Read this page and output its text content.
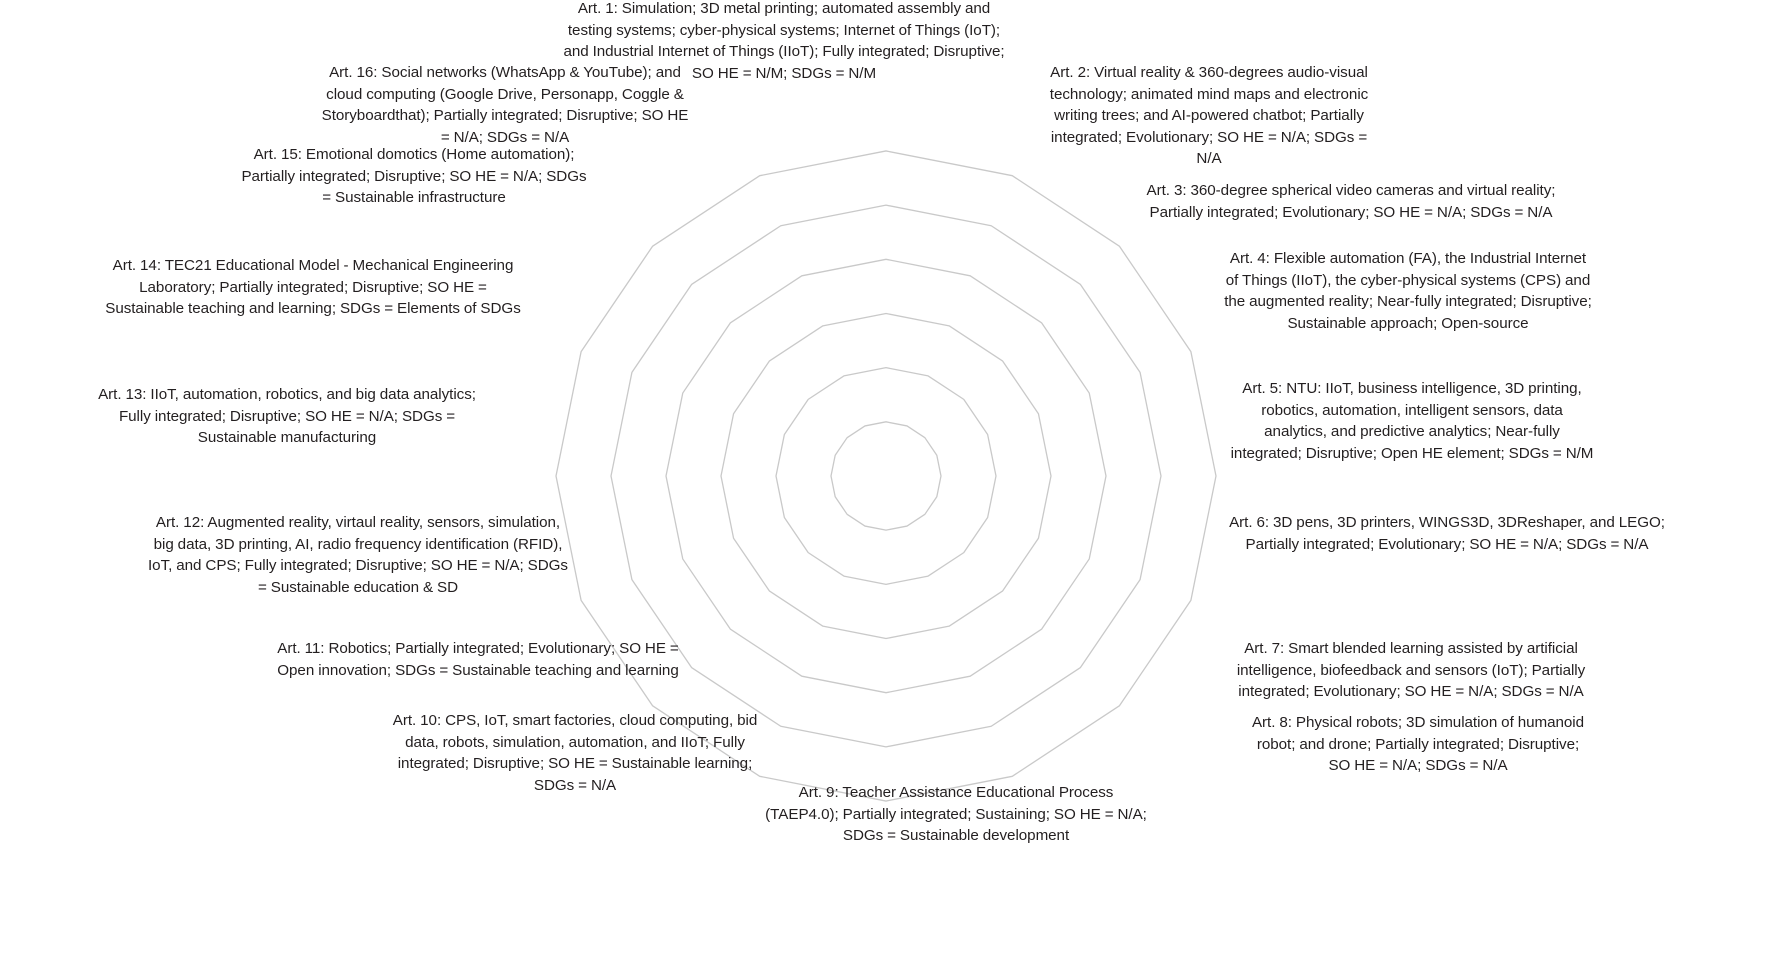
Art. 1: Simulation; 3D metal printing; automated assembly and testing systems; cyber-physical systems; Internet of Things (IoT); and Industrial Internet of Things (IIoT); Fully integrated; Disruptive; SO HE = N/M; SDGs = N/M	Art. 2: Virtual reality & 360-degrees audio-visual technology; animated mind maps and electronic writing trees; and AI-powered chatbot; Partially integrated; Evolutionary; SO HE = N/A; SDGs = N/A
Art. 3: 360-degree spherical video cameras and virtual reality; Partially integrated; Evolutionary; SO HE = N/A; SDGs = N/A
Art. 4: Flexible automation (FA), the Industrial Internet of Things (IIoT), the cyber-physical systems (CPS) and the augmented reality; Near-fully integrated; Disruptive; Sustainable approach; Open-source
Art. 5: NTU: IIoT, business intelligence, 3D printing, robotics, automation, intelligent sensors, data analytics, and predictive analytics; Near-fully integrated; Disruptive; Open HE element; SDGs = N/M
Art. 6: 3D pens, 3D printers, WINGS3D, 3DReshaper, and LEGO; Partially integrated; Evolutionary; SO HE = N/A; SDGs = N/A
Art. 7: Smart blended learning assisted by artificial intelligence, biofeedback and sensors (IoT); Partially integrated; Evolutionary; SO HE = N/A; SDGs = N/A
Art. 8: Physical robots; 3D simulation of humanoid robot; and drone; Partially integrated; Disruptive; SO HE = N/A; SDGs = N/A
Art. 9: Teacher Assistance Educational Process (TAEP4.0); Partially integrated; Sustaining; SO HE = N/A; SDGs = Sustainable development
Art. 10: CPS, IoT, smart factories, cloud computing, bid data, robots, simulation, automation, and IIoT; Fully integrated; Disruptive; SO HE = Sustainable learning; SDGs = N/A
Art. 11: Robotics; Partially integrated; Evolutionary; SO HE = Open innovation; SDGs = Sustainable teaching and learning
Art. 12: Augmented reality, virtaul reality, sensors, simulation, big data, 3D printing, AI, radio frequency identification (RFID), IoT, and CPS; Fully integrated; Disruptive; SO HE = N/A; SDGs = Sustainable education & SD
Art. 13: IIoT, automation, robotics, and big data analytics; Fully integrated; Disruptive; SO HE = N/A; SDGs = Sustainable manufacturing
Art. 14: TEC21 Educational Model - Mechanical Engineering Laboratory; Partially integrated; Disruptive; SO HE = Sustainable teaching and learning; SDGs = Elements of SDGs
Art. 15: Emotional domotics (Home automation); Partially integrated; Disruptive; SO HE = N/A; SDGs = Sustainable infrastructure
Art. 16: Social networks (WhatsApp & YouTube); and cloud computing (Google Drive, Personapp, Coggle & Storyboardthat); Partially integrated; Disruptive; SO HE = N/A; SDGs = N/A
